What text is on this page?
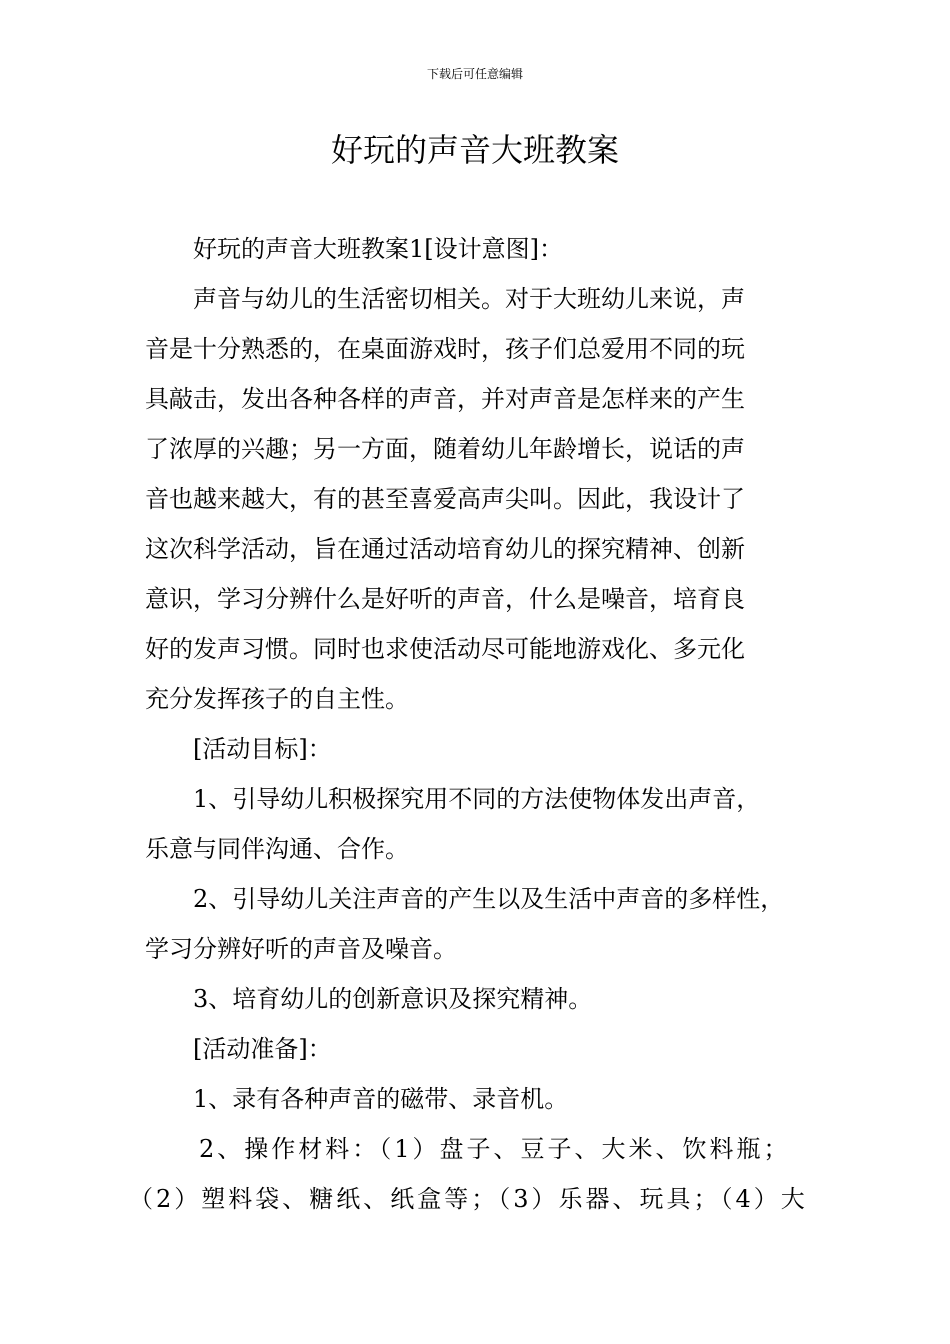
下载后可任意编辑
好玩的声音大班教案
好玩的声音大班教案1[设计意图]：
声音与幼儿的生活密切相关。对于大班幼儿来说，声
音是十分熟悉的，在桌面游戏时，孩子们总爱用不同的玩
具敲击，发出各种各样的声音，并对声音是怎样来的产生
了浓厚的兴趣；另一方面，随着幼儿年龄增长，说话的声
音也越来越大，有的甚至喜爱高声尖叫。因此，我设计了
这次科学活动，旨在通过活动培育幼儿的探究精神、创新
意识，学习分辨什么是好听的声音，什么是噪音，培育良
好的发声习惯。同时也求使活动尽可能地游戏化、多元化
充分发挥孩子的自主性。
[活动目标]：
1、引导幼儿积极探究用不同的方法使物体发出声音，
乐意与同伴沟通、合作。
2、引导幼儿关注声音的产生以及生活中声音的多样性，
学习分辨好听的声音及噪音。
3、培育幼儿的创新意识及探究精神。
[活动准备]：
1、录有各种声音的磁带、录音机。
2、操作材料：（1）盘子、豆子、大米、饮料瓶；
（2）塑料袋、糖纸、纸盒等；（3）乐器、玩具；（4）大
